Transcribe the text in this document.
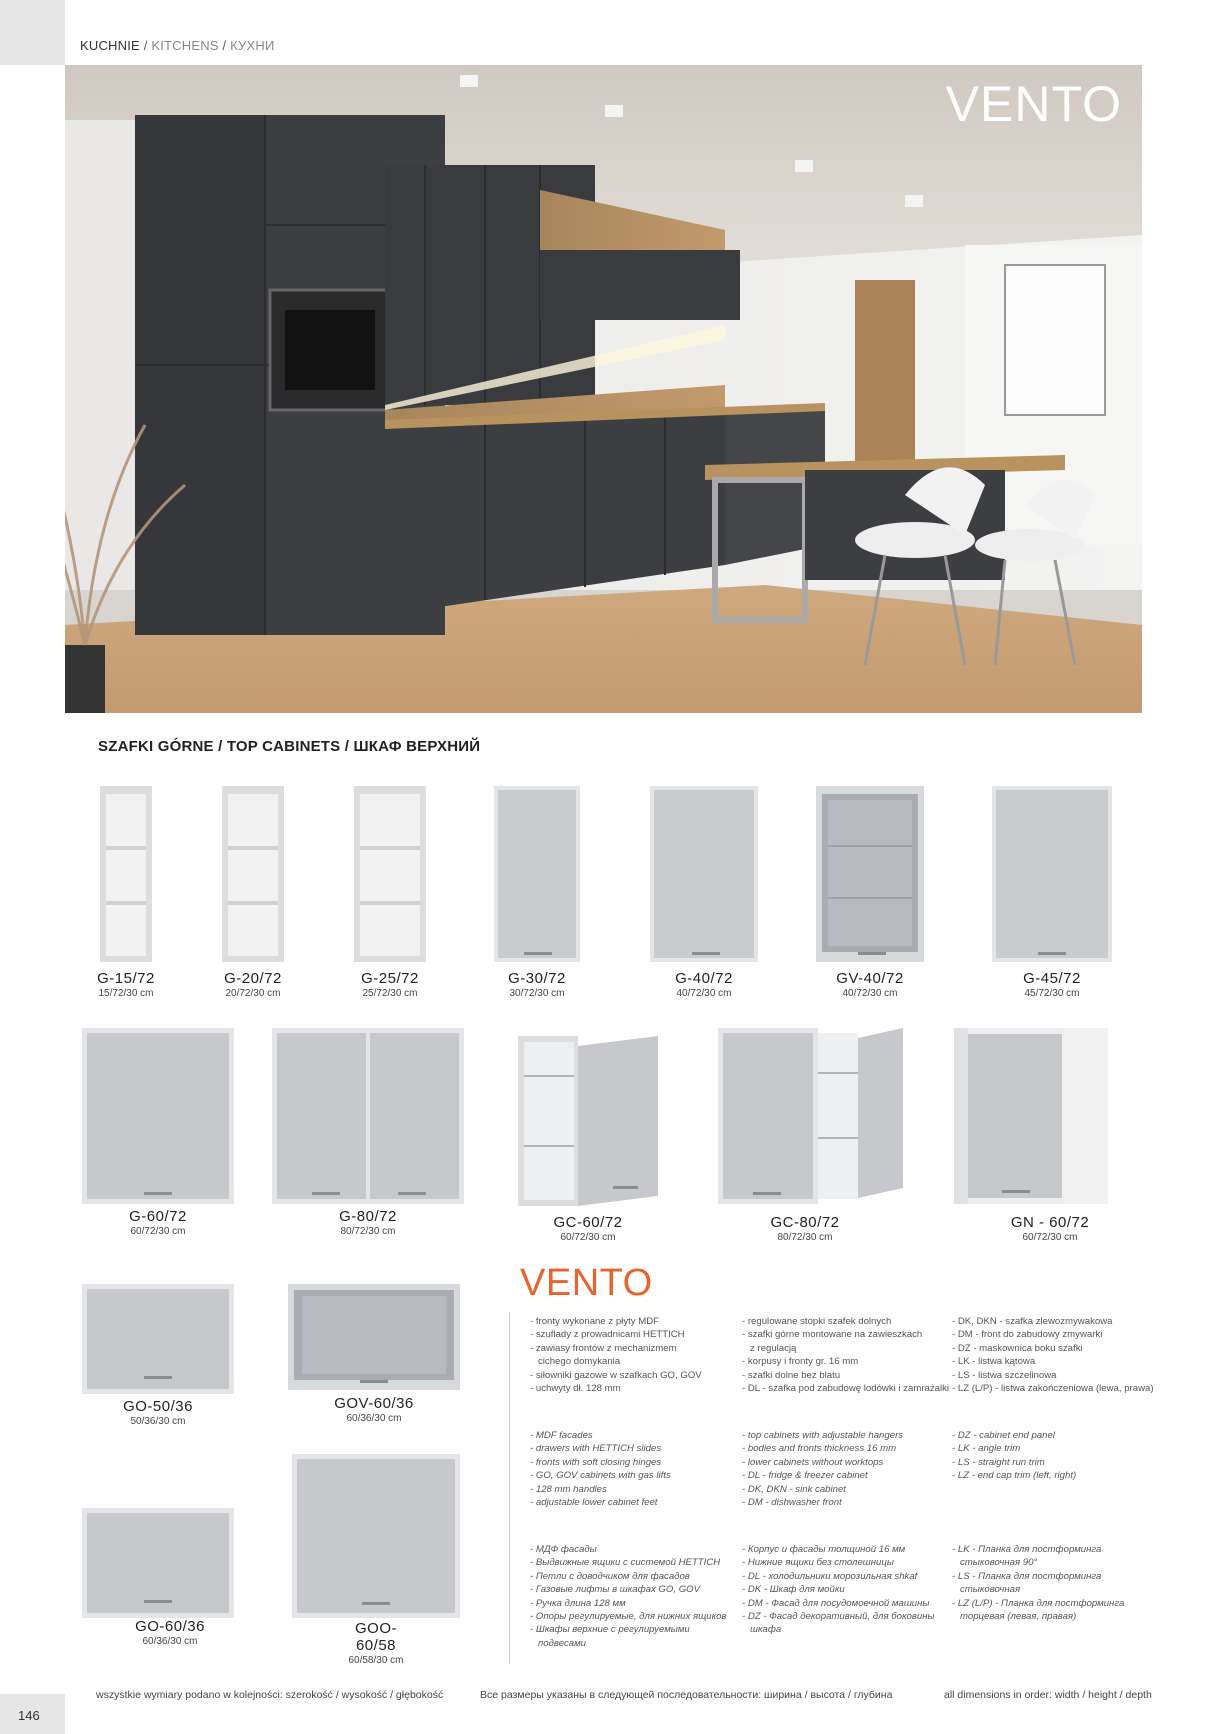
KUCHNIE / KITCHENS / КУХНИ
VENTO
SZAFKI GÓRNE / TOP CABINETS / ШКАФ ВЕРХНИЙ
G-15/72
15/72/30 cm
G-20/72
20/72/30 cm
G-25/72
25/72/30 cm
G-30/72
30/72/30 cm
G-40/72
40/72/30 cm
GV-40/72
40/72/30 cm
G-45/72
45/72/30 cm
G-60/72
60/72/30 cm
G-80/72
80/72/30 cm
GC-60/72
60/72/30 cm
GC-80/72
80/72/30 cm
GN - 60/72
60/72/30 cm
GO-50/36
50/36/30 cm
GOV-60/36
60/36/30 cm
GO-60/36
60/36/30 cm
GOO-60/58
60/58/30 cm
VENTO
- fronty wykonane z płyty MDF
- szuflady z prowadnicami HETTICH
- zawiasy frontów z mechanizmem
cichego domykania
- siłowniki gazowe w szafkach GO, GOV
- uchwyty dł. 128 mm
- regulowane stopki szafek dolnych
- szafki górne montowane na zawieszkach
z regulacją
- korpusy i fronty gr. 16 mm
- szafki dolne bez blatu
- DL - szafka pod zabudowę lodówki i zamrażalki
- DK, DKN - szafka zlewozmywakowa
- DM - front do zabudowy zmywarki
- DZ - maskownica boku szafki
- LK - listwa kątowa
- LS - listwa szczelinowa
- LZ (L/P) - listwa zakończeniowa (lewa, prawa)
- MDF facades
- drawers with HETTICH slides
- fronts with soft closing hinges
- GO, GOV cabinets with gas lifts
- 128 mm handles
- adjustable lower cabinet feet
- top cabinets with adjustable hangers
- bodies and fronts thickness 16 mm
- lower cabinets without worktops
- DL - fridge & freezer cabinet
- DK, DKN - sink cabinet
- DM - dishwasher front
- DZ - cabinet end panel
- LK - angle trim
- LS - straight run trim
- LZ - end cap trim (left, right)
- МДФ фасады
- Выдвижные ящики с системой HETTICH
- Петли с доводчиком для фасадов
- Газовые лифты в шкафах GO, GOV
- Ручка длина 128 мм
- Опоры регулируемые, для нижних ящиков
- Шкафы верхние с регулируемыми
подвесами
- Корпус и фасады толщиной 16 мм
- Нижние ящики без столешницы
- DL - холодильники морозильная shkaf
- DK - Шкаф для мойки
- DM - Фасад для посудомоечной машины
- DZ - Фасад декоративный, для боковины
шкафа
- LK - Планка для постформинга
стыковочная 90°
- LS - Планка для постформинга
стыковочная
- LZ (L/P) - Планка для постформинга
торцевая (левая, правая)
146
wszystkie wymiary podano w kolejności: szerokość / wysokość / głębokość	Все размеры указаны в следующей последовательности: ширина / высота / глубина	all dimensions in order: width / height / depth
